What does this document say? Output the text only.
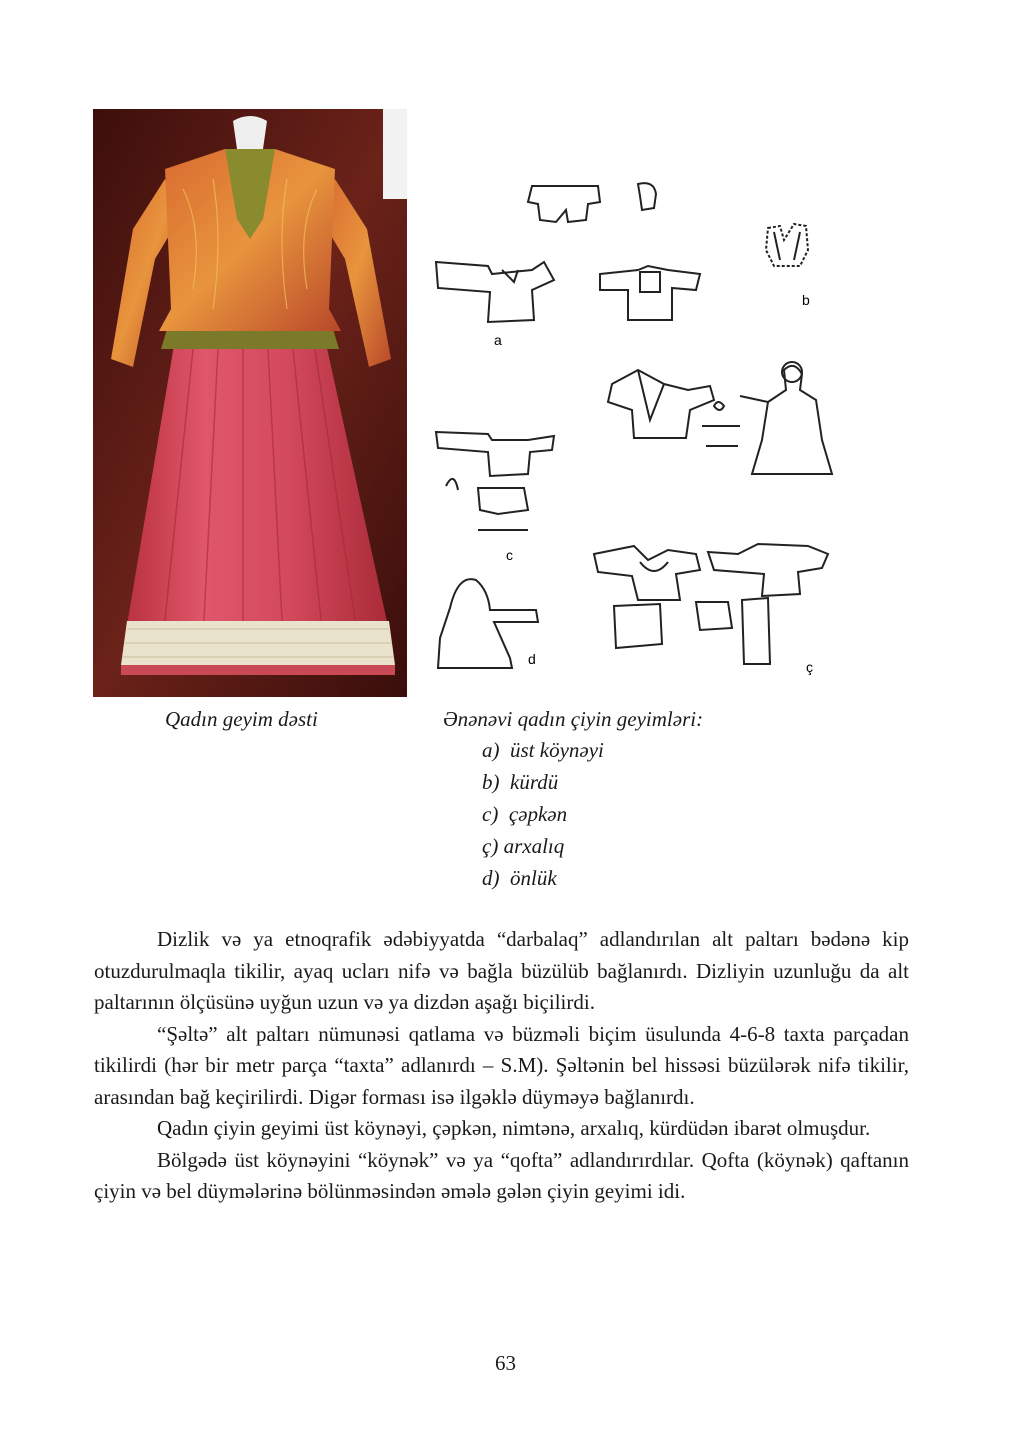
a
b
c
ç
d
Qadın geyim dəsti	Ənənəvi qadın çiyin geyimləri:
a) üst köynəyi
b) kürdü
c) çəpkən
ç) arxalıq
d) önlük

Dizlik və ya etnoqrafik ədəbiyyatda “darbalaq” adlandırılan alt paltarı bədənə kip otuzdurulmaqla tikilir, ayaq ucları nifə və bağla büzülüb bağlanırdı. Dizliyin uzunluğu da alt paltarının ölçüsünə uyğun uzun və ya dizdən aşağı biçilirdi.

“Şəltə” alt paltarı nümunəsi qatlama və büzməli biçim üsulunda 4-6-8 taxta parçadan tikilirdi (hər bir metr parça “taxta” adlanırdı – S.M). Şəltənin bel hissəsi büzülərək nifə tikilir, arasından bağ keçirilirdi. Digər forması isə ilgəklə düyməyə bağlanırdı.

Qadın çiyin geyimi üst köynəyi, çəpkən, nimtənə, arxalıq, kürdüdən ibarət olmuşdur.

Bölgədə üst köynəyini “köynək” və ya “qofta” adlandırırdılar. Qofta (köynək) qaftanın çiyin və bel düymələrinə bölünməsindən əmələ gələn çiyin geyimi idi.

63
